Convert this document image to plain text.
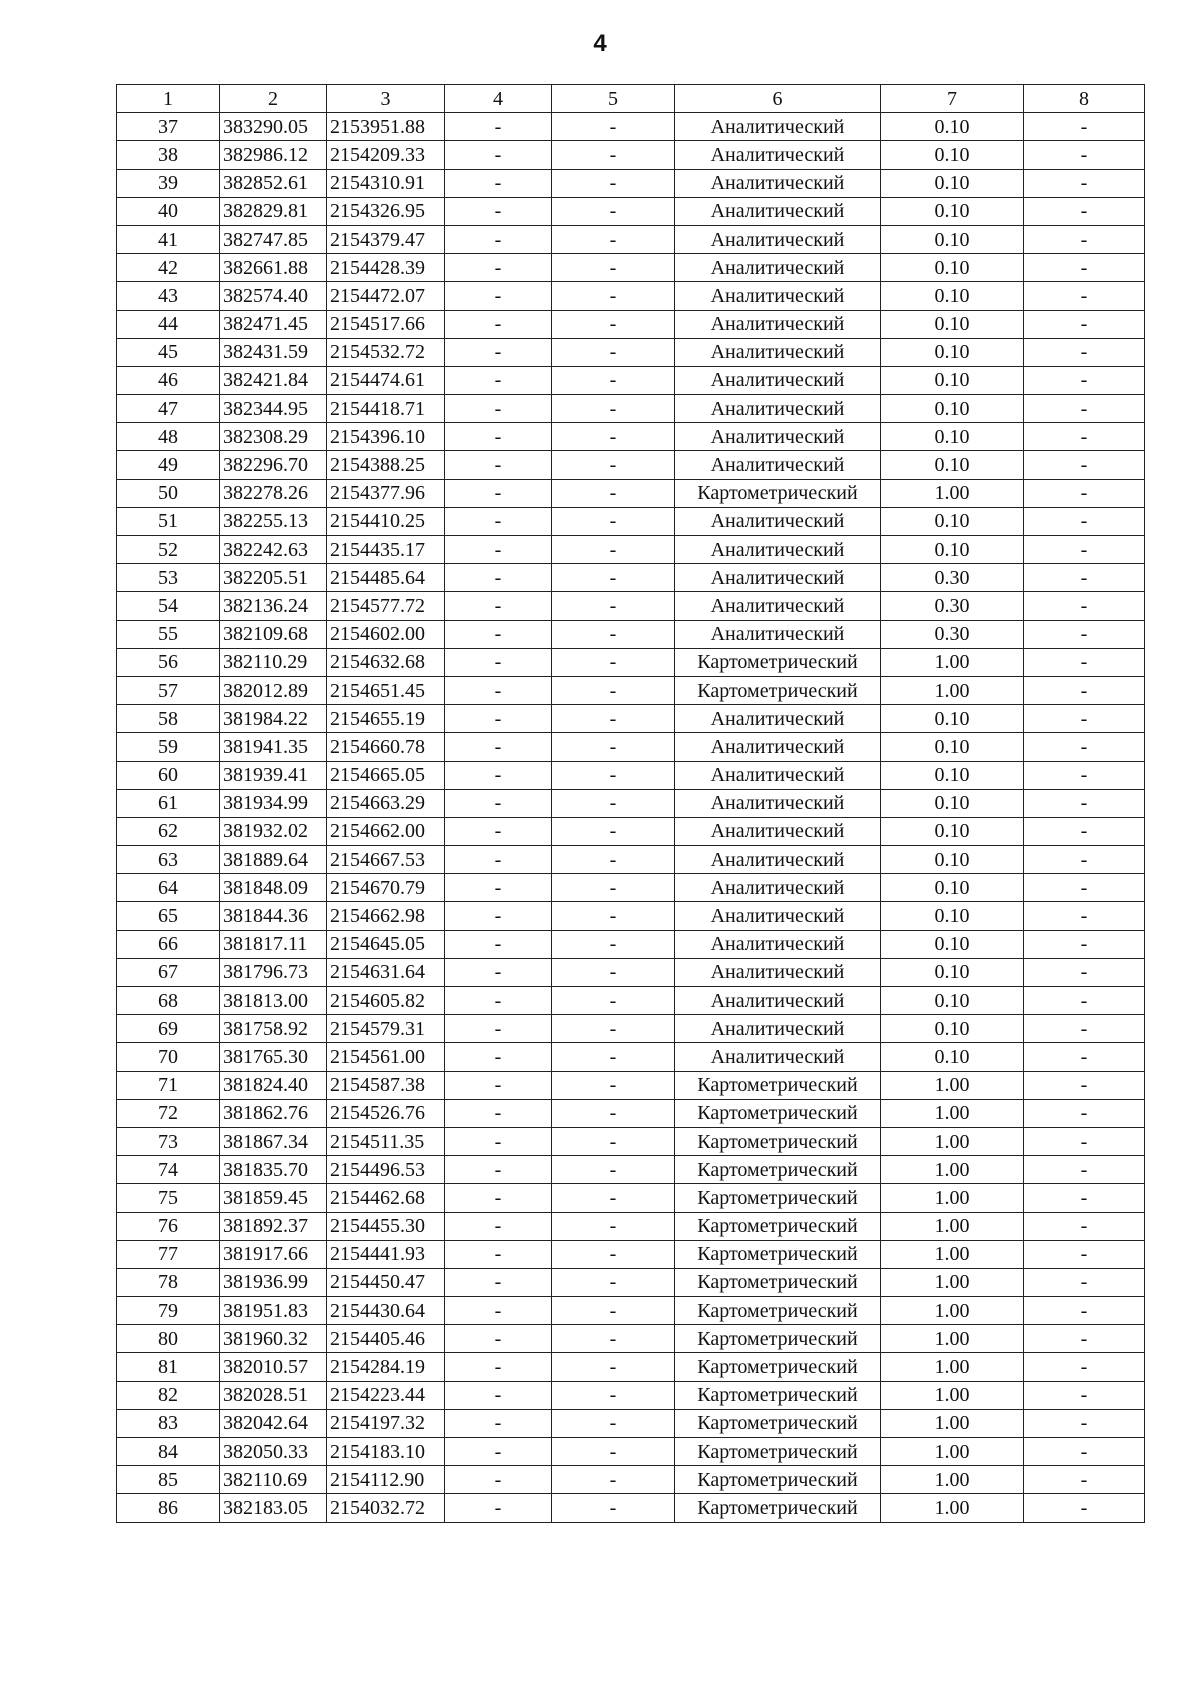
4
1	2	3	4	5	6	7	8
37	383290.05	2153951.88	-	-	Аналитический	0.10	-
38	382986.12	2154209.33	-	-	Аналитический	0.10	-
39	382852.61	2154310.91	-	-	Аналитический	0.10	-
40	382829.81	2154326.95	-	-	Аналитический	0.10	-
41	382747.85	2154379.47	-	-	Аналитический	0.10	-
42	382661.88	2154428.39	-	-	Аналитический	0.10	-
43	382574.40	2154472.07	-	-	Аналитический	0.10	-
44	382471.45	2154517.66	-	-	Аналитический	0.10	-
45	382431.59	2154532.72	-	-	Аналитический	0.10	-
46	382421.84	2154474.61	-	-	Аналитический	0.10	-
47	382344.95	2154418.71	-	-	Аналитический	0.10	-
48	382308.29	2154396.10	-	-	Аналитический	0.10	-
49	382296.70	2154388.25	-	-	Аналитический	0.10	-
50	382278.26	2154377.96	-	-	Картометрический	1.00	-
51	382255.13	2154410.25	-	-	Аналитический	0.10	-
52	382242.63	2154435.17	-	-	Аналитический	0.10	-
53	382205.51	2154485.64	-	-	Аналитический	0.30	-
54	382136.24	2154577.72	-	-	Аналитический	0.30	-
55	382109.68	2154602.00	-	-	Аналитический	0.30	-
56	382110.29	2154632.68	-	-	Картометрический	1.00	-
57	382012.89	2154651.45	-	-	Картометрический	1.00	-
58	381984.22	2154655.19	-	-	Аналитический	0.10	-
59	381941.35	2154660.78	-	-	Аналитический	0.10	-
60	381939.41	2154665.05	-	-	Аналитический	0.10	-
61	381934.99	2154663.29	-	-	Аналитический	0.10	-
62	381932.02	2154662.00	-	-	Аналитический	0.10	-
63	381889.64	2154667.53	-	-	Аналитический	0.10	-
64	381848.09	2154670.79	-	-	Аналитический	0.10	-
65	381844.36	2154662.98	-	-	Аналитический	0.10	-
66	381817.11	2154645.05	-	-	Аналитический	0.10	-
67	381796.73	2154631.64	-	-	Аналитический	0.10	-
68	381813.00	2154605.82	-	-	Аналитический	0.10	-
69	381758.92	2154579.31	-	-	Аналитический	0.10	-
70	381765.30	2154561.00	-	-	Аналитический	0.10	-
71	381824.40	2154587.38	-	-	Картометрический	1.00	-
72	381862.76	2154526.76	-	-	Картометрический	1.00	-
73	381867.34	2154511.35	-	-	Картометрический	1.00	-
74	381835.70	2154496.53	-	-	Картометрический	1.00	-
75	381859.45	2154462.68	-	-	Картометрический	1.00	-
76	381892.37	2154455.30	-	-	Картометрический	1.00	-
77	381917.66	2154441.93	-	-	Картометрический	1.00	-
78	381936.99	2154450.47	-	-	Картометрический	1.00	-
79	381951.83	2154430.64	-	-	Картометрический	1.00	-
80	381960.32	2154405.46	-	-	Картометрический	1.00	-
81	382010.57	2154284.19	-	-	Картометрический	1.00	-
82	382028.51	2154223.44	-	-	Картометрический	1.00	-
83	382042.64	2154197.32	-	-	Картометрический	1.00	-
84	382050.33	2154183.10	-	-	Картометрический	1.00	-
85	382110.69	2154112.90	-	-	Картометрический	1.00	-
86	382183.05	2154032.72	-	-	Картометрический	1.00	-
